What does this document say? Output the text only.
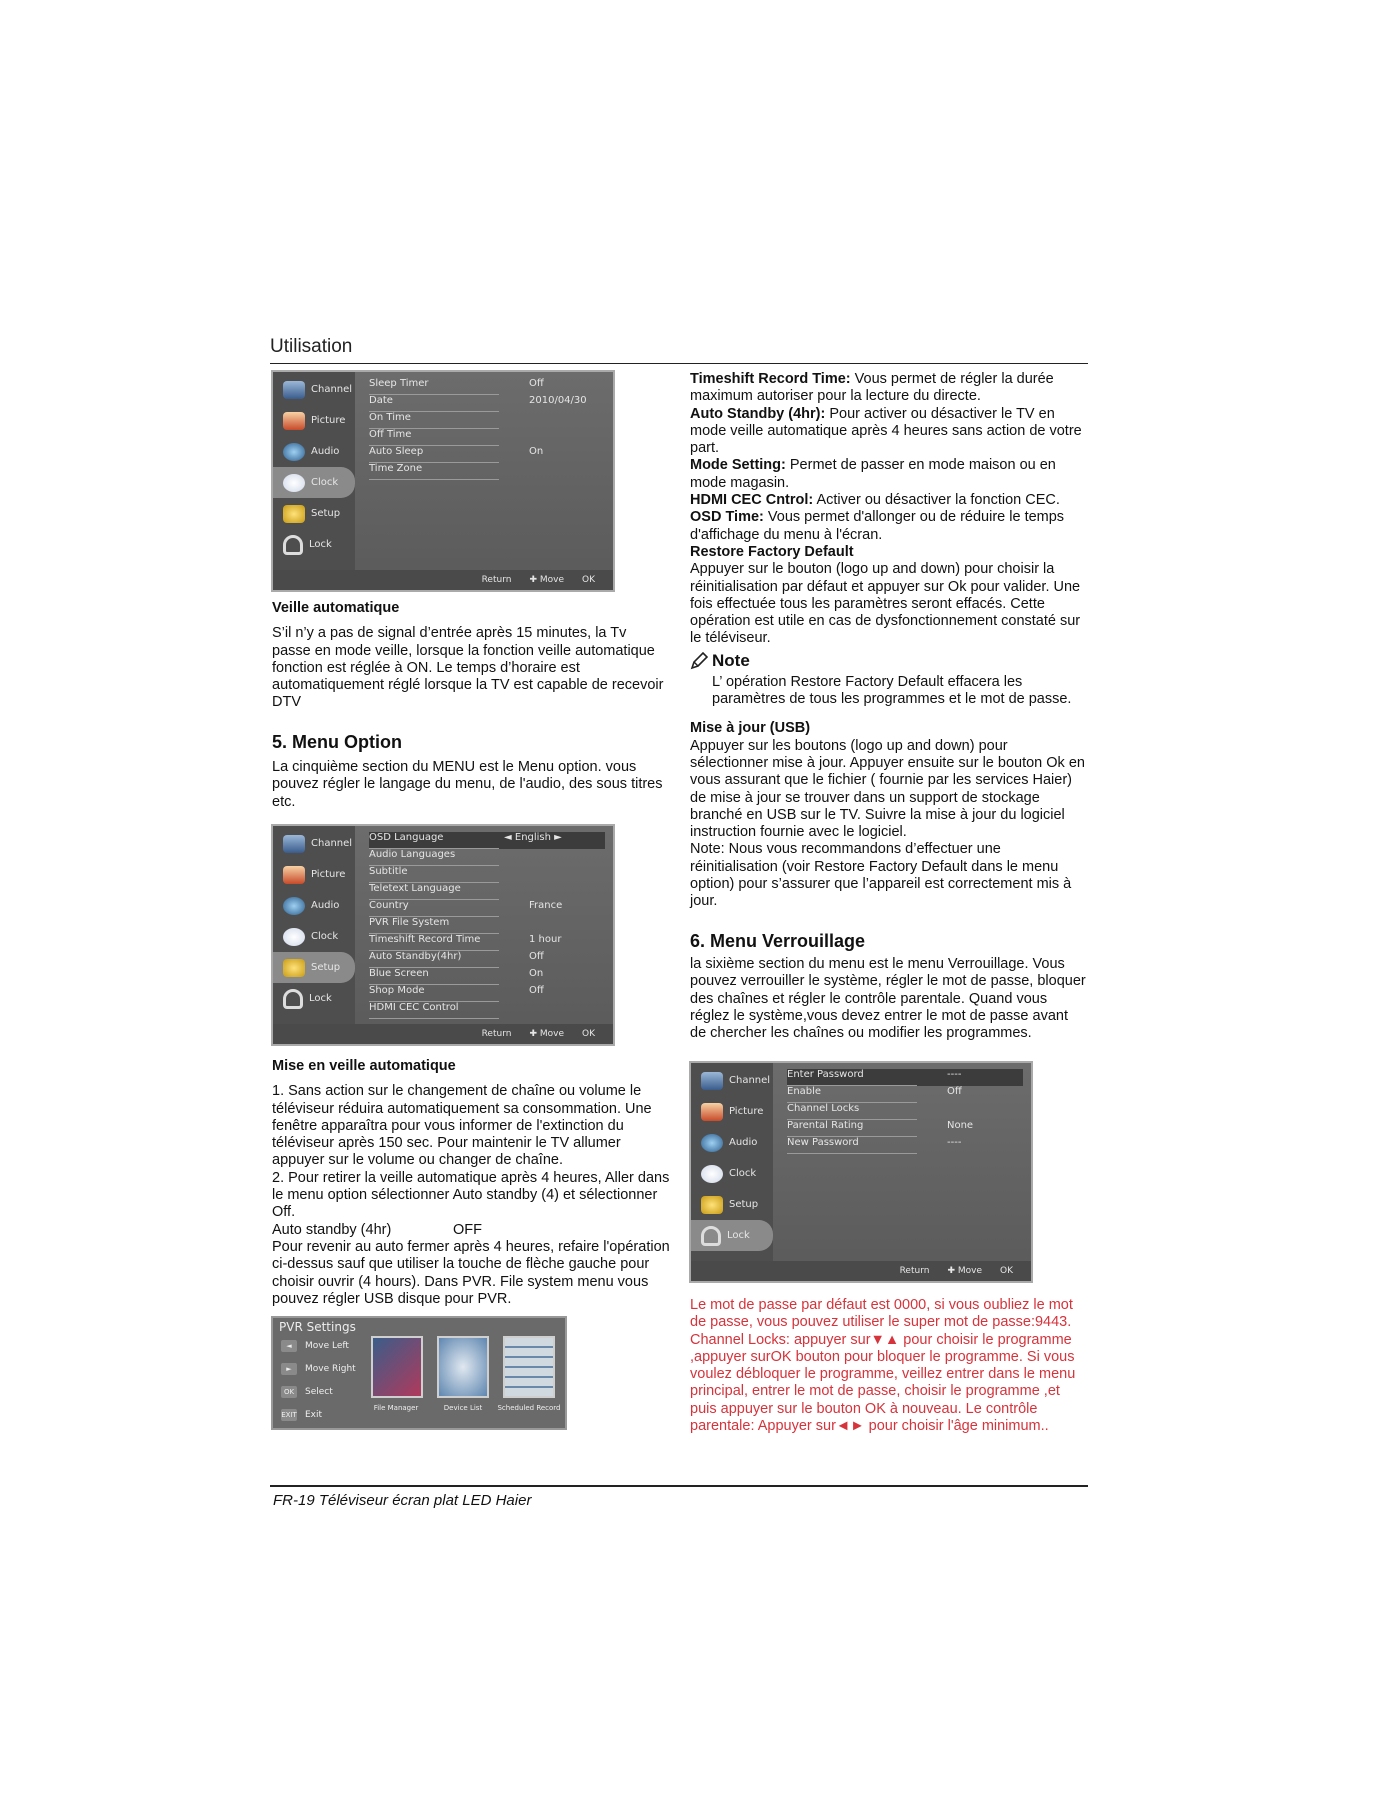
Utilisation
Channel
Picture
Audio
Clock
Setup
Lock
Sleep Timer	Off
Date	2010/04/30
On Time
Off Time
Auto Sleep	On
Time Zone
Return ✚ Move OK

Veille automatique

S’il n’y a pas de signal d’entrée après 15 minutes, la Tv passe en mode veille, lorsque la fonction veille automatique fonction est réglée à ON. Le temps d’horaire est automatiquement réglé lorsque la TV est capable de recevoir DTV

5. Menu Option

La cinquième section du MENU est le Menu option. vous pouvez régler le langage du menu, de l'audio, des sous titres etc.

Channel
Picture
Audio
Clock
Setup
Lock
OSD Language	◄ English ►
Audio Languages
Subtitle
Teletext Language
Country	France
PVR File System
Timeshift Record Time	1 hour
Auto Standby(4hr)	Off
Blue Screen	On
Shop Mode	Off
HDMI CEC Control
Return ✚ Move OK

Mise en veille automatique

1. Sans action sur le changement de chaîne ou volume le téléviseur réduira automatiquement sa consommation. Une fenêtre apparaîtra pour vous informer de l'extinction du téléviseur après 150 sec. Pour maintenir le TV allumer appuyer sur le volume ou changer de chaîne.

2. Pour retirer la veille automatique après 4 heures, Aller dans le menu option sélectionner Auto standby (4) et sélectionner Off.

Auto standby (4hr)	OFF

Pour revenir au auto fermer après 4 heures, refaire l'opération ci-dessus sauf que utiliser la touche de flèche gauche pour choisir ouvrir (4 hours). Dans PVR. File system menu vous pouvez régler USB disque pour PVR.

PVR Settings
◄	Move Left
►	Move Right
OK	Select
EXIT Exit
File Manager	Device List	Scheduled Record

Timeshift Record Time: Vous permet de régler la durée maximum autoriser pour la lecture du directe.

Auto Standby (4hr): Pour activer ou désactiver le TV en mode veille automatique après 4 heures sans action de votre part.

Mode Setting: Permet de passer en mode maison ou en mode magasin.

HDMI CEC Cntrol: Activer ou désactiver la fonction CEC.

OSD Time: Vous permet d'allonger ou de réduire le temps d'affichage du menu à l'écran.

Restore Factory Default

Appuyer sur le bouton (logo up and down) pour choisir la réinitialisation par défaut et appuyer sur Ok pour valider. Une fois effectuée tous les paramètres seront effacés. Cette opération est utile en cas de dysfonctionnement constaté sur le téléviseur.

Note

L’ opération Restore Factory Default effacera les paramètres de tous les programmes et le mot de passe.

Mise à jour (USB)

Appuyer sur les boutons (logo up and down) pour sélectionner mise à jour. Appuyer ensuite sur le bouton Ok en vous assurant que le fichier ( fournie par les services Haier) de mise à jour se trouver dans un support de stockage branché en USB sur le TV. Suivre la mise à jour du logiciel instruction fournie avec le logiciel.

Note: Nous vous recommandons d’effectuer une réinitialisation (voir Restore Factory Default dans le menu option) pour s’assurer que l’appareil est correctement mis à jour.

6. Menu Verrouillage

la sixième section du menu est le menu Verrouillage. Vous pouvez verrouiller le système, régler le mot de passe, bloquer des chaînes et régler le contrôle parentale. Quand vous réglez le système,vous devez entrer le mot de passe avant de chercher les chaînes ou modifier les programmes.

Channel
Picture
Audio
Clock
Setup
Lock
Enter Password	----
Enable	Off
Channel Locks
Parental Rating	None
New Password	----
Return ✚ Move OK

Le mot de passe par défaut est 0000, si vous oubliez le mot de passe, vous pouvez utiliser le super mot de passe:9443. Channel Locks: appuyer sur▼▲ pour choisir le programme ,appuyer surOK bouton pour bloquer le programme. Si vous voulez débloquer le programme, veillez entrer dans le menu principal, entrer le mot de passe, choisir le programme ,et puis appuyer sur le bouton OK à nouveau. Le contrôle parentale: Appuyer sur◄► pour choisir l'âge minimum..

FR-19 Téléviseur écran plat LED Haier
